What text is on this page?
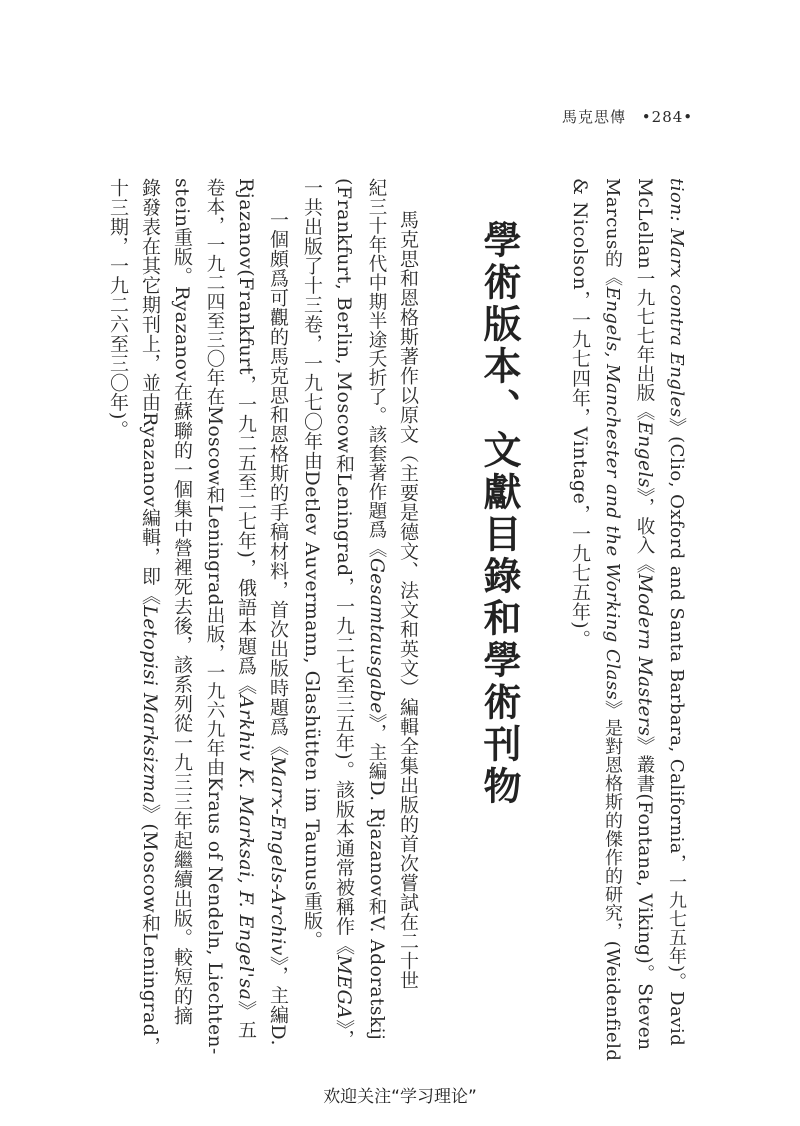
馬克思傳 •284•
tion: Marx contra Engles》(Clio, Oxford and Santa Barbara, California，一九七五年)。David
McLellan一九七七年出版《Engels》，收入《Modern Masters》叢書(Fontana, Viking)。Steven
Marcus的《Engels, Manchester and the Working Class》是對恩格斯的傑作的研究，(Weidenfield
& Nicolson，一九七四年，Vintage，一九七五年)。
學術版本、文獻目錄和學術刊物
馬克思和恩格斯著作以原文（主要是德文、法文和英文）編輯全集出版的首次嘗試在二十世
紀三十年代中期半途夭折了。該套著作題爲《Gesamtausgabe》，主編D. Rjazanov和V. Adoratskij
(Frankfurt, Berlin, Moscow和Leningrad，一九二七至三五年)。該版本通常被稱作《MEGA》，
一共出版了十三卷，一九七〇年由Detlev Auvermann, Glashütten im Taunus重版。
一個頗爲可觀的馬克思和恩格斯的手稿材料，首次出版時題爲《Marx-Engels-Archiv》，主編D.
Rjazanov(Frankfurt，一九二五至二七年)，俄語本題爲《Arkhiv K. Marksai, F. Engel'sa》五
卷本，一九二四至三〇年在Moscow和Leningrad出版，一九六九年由Kraus of Nendeln, Liechten-
stein重版。Ryazanov在蘇聯的一個集中營裡死去後，該系列從一九三三年起繼續出版。較短的摘
錄發表在其它期刊上，並由Ryazanov編輯，即《Letopisi Marksizma》(Moscow和Leningrad，
十三期，一九二六至三〇年)。
欢迎关注“学习理论”
